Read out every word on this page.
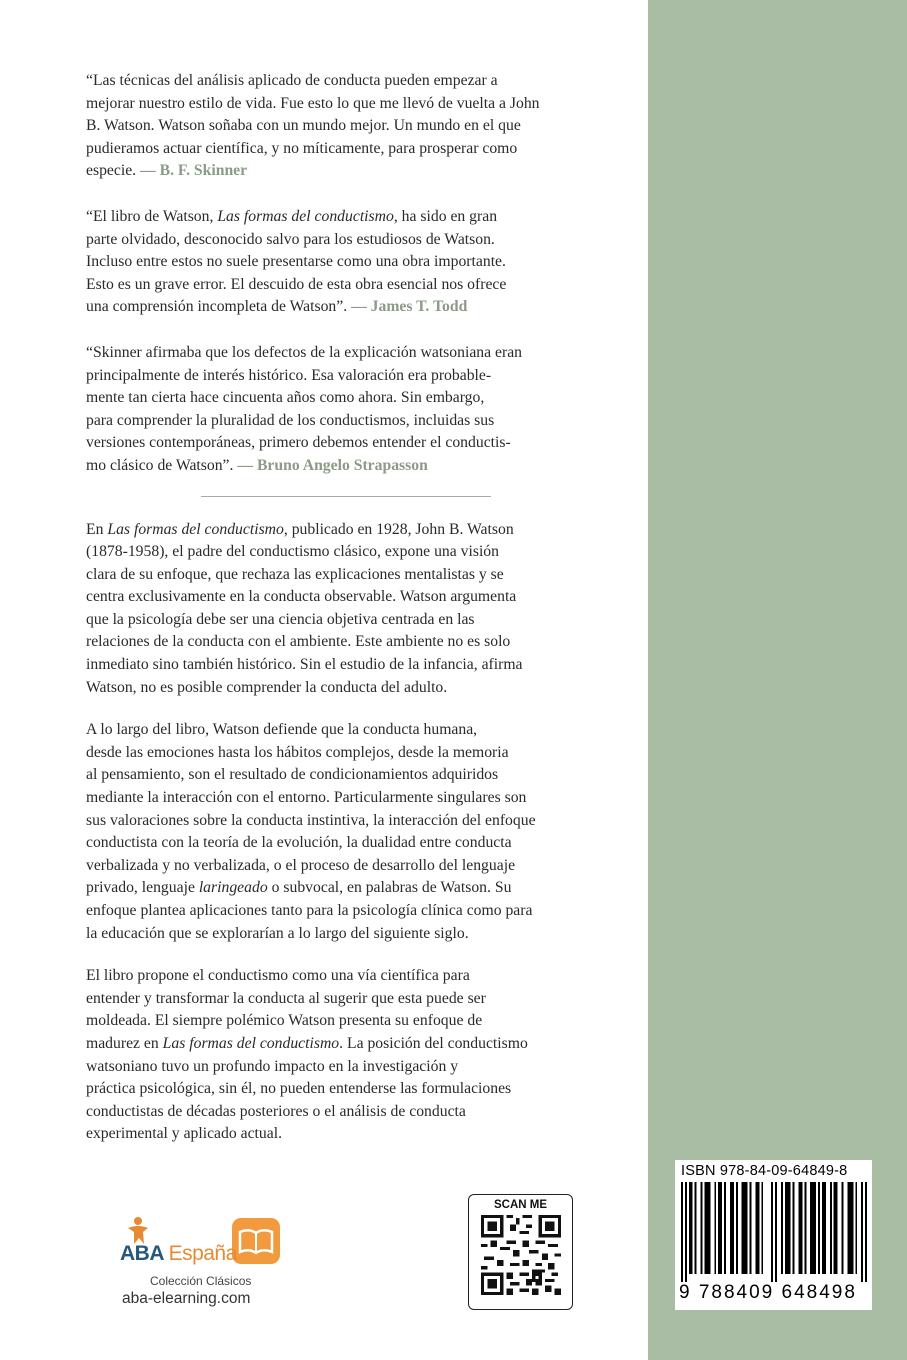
“Las técnicas del análisis aplicado de conducta pueden empezar a
mejorar nuestro estilo de vida. Fue esto lo que me llevó de vuelta a John
B. Watson. Watson soñaba con un mundo mejor. Un mundo en el que
pudieramos actuar científica, y no míticamente, para prosperar como
especie. — B. F. Skinner

“El libro de Watson, Las formas del conductismo, ha sido en gran
parte olvidado, desconocido salvo para los estudiosos de Watson.
Incluso entre estos no suele presentarse como una obra importante.
Esto es un grave error. El descuido de esta obra esencial nos ofrece
una comprensión incompleta de Watson”. — James T. Todd

“Skinner afirmaba que los defectos de la explicación watsoniana eran
principalmente de interés histórico. Esa valoración era probable-
mente tan cierta hace cincuenta años como ahora. Sin embargo,
para comprender la pluralidad de los conductismos, incluidas sus
versiones contemporáneas, primero debemos entender el conductis-
mo clásico de Watson”. — Bruno Angelo Strapasson

En Las formas del conductismo, publicado en 1928, John B. Watson
(1878-1958), el padre del conductismo clásico, expone una visión
clara de su enfoque, que rechaza las explicaciones mentalistas y se
centra exclusivamente en la conducta observable. Watson argumenta
que la psicología debe ser una ciencia objetiva centrada en las
relaciones de la conducta con el ambiente. Este ambiente no es solo
inmediato sino también histórico. Sin el estudio de la infancia, afirma
Watson, no es posible comprender la conducta del adulto.

A lo largo del libro, Watson defiende que la conducta humana,
desde las emociones hasta los hábitos complejos, desde la memoria
al pensamiento, son el resultado de condicionamientos adquiridos
mediante la interacción con el entorno. Particularmente singulares son
sus valoraciones sobre la conducta instintiva, la interacción del enfoque
conductista con la teoría de la evolución, la dualidad entre conducta
verbalizada y no verbalizada, o el proceso de desarrollo del lenguaje
privado, lenguaje laringeado o subvocal, en palabras de Watson. Su
enfoque plantea aplicaciones tanto para la psicología clínica como para
la educación que se explorarían a lo largo del siguiente siglo.

El libro propone el conductismo como una vía científica para
entender y transformar la conducta al sugerir que esta puede ser
moldeada. El siempre polémico Watson presenta su enfoque de
madurez en Las formas del conductismo. La posición del conductismo
watsoniano tuvo un profundo impacto en la investigación y
práctica psicológica, sin él, no pueden entenderse las formulaciones
conductistas de décadas posteriores o el análisis de conducta
experimental y aplicado actual.

ABA España
Colección Clásicos
aba-elearning.com
SCAN ME
ISBN 978-84-09-64849-8
9 788409 648498
